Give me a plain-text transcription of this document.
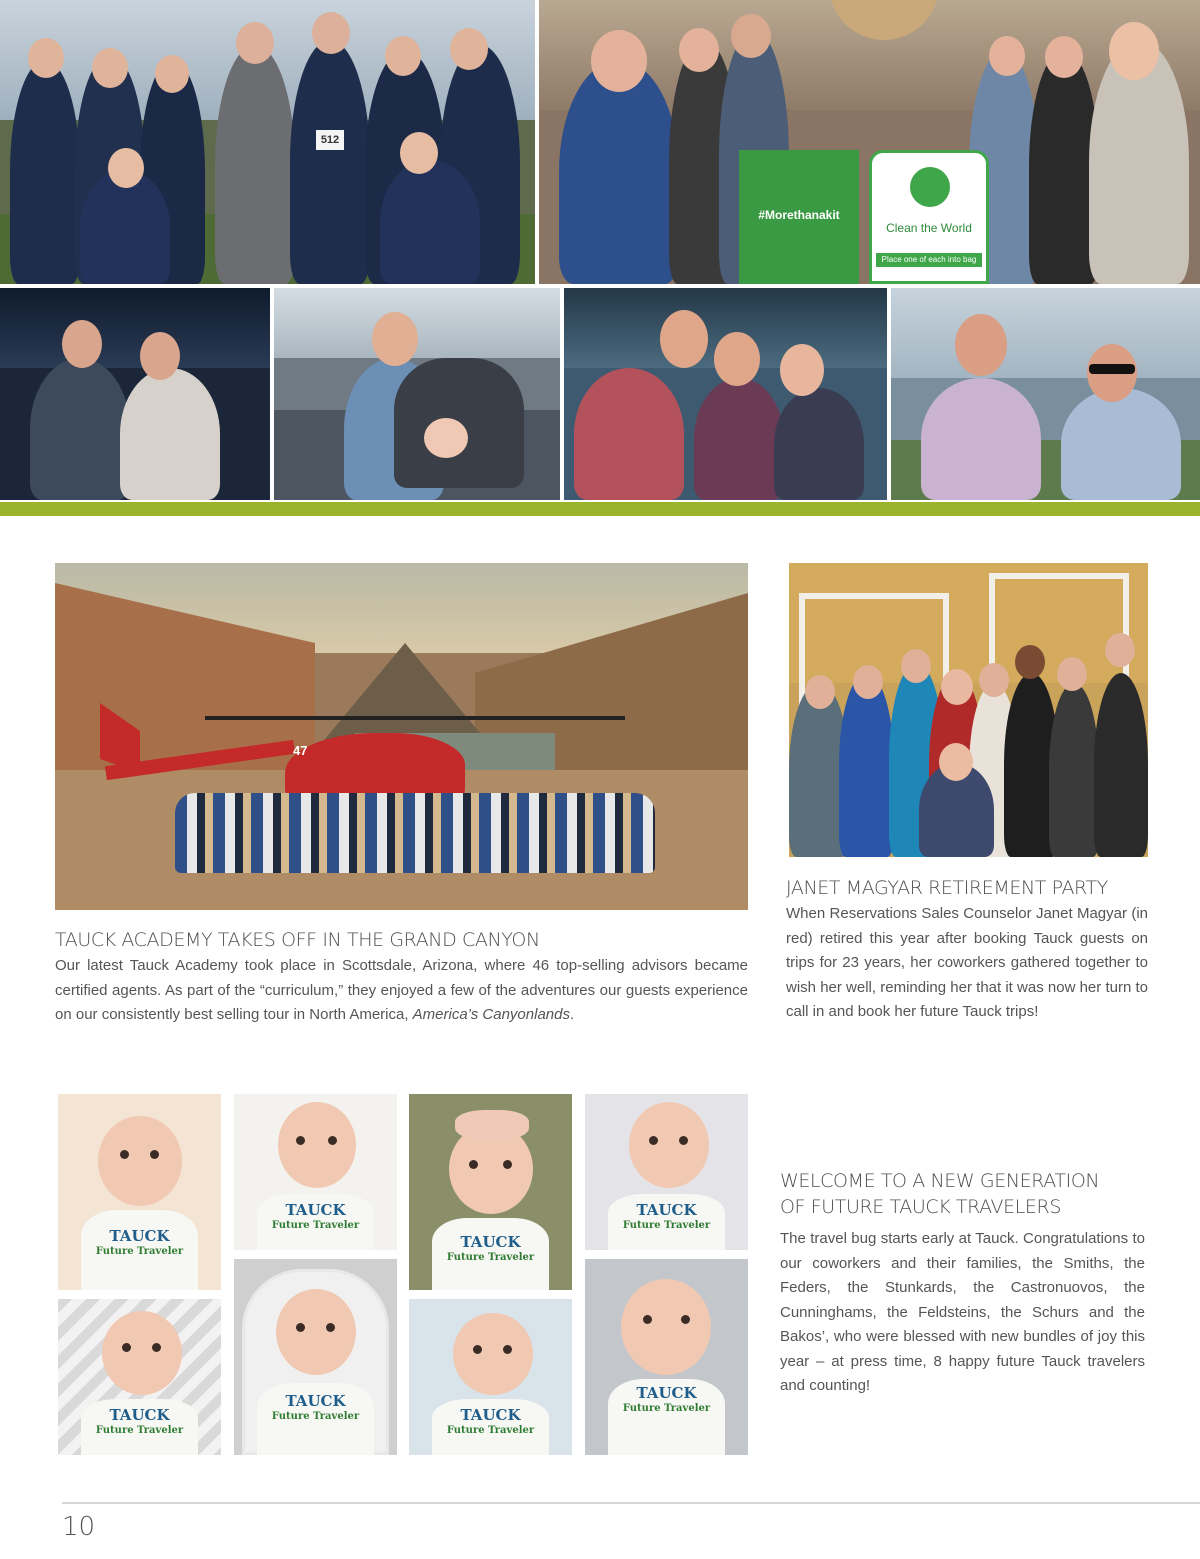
512
#Morethanakit
Clean the World
Place one of each into bag
47
TAUCK ACADEMY TAKES OFF IN THE GRAND CANYON
Our latest Tauck Academy took place in Scottsdale, Arizona, where 46 top-selling advisors became certified agents. As part of the “curriculum,” they enjoyed a few of the adventures our guests experience on our consistently best selling tour in North America, America’s Canyonlands.
JANET MAGYAR RETIREMENT PARTY
When Reservations Sales Counselor Janet Magyar (in red) retired this year after booking Tauck guests on trips for 23 years, her coworkers gathered together to wish her well, reminding her that it was now her turn to call in and book her future Tauck trips!
TAUCK
Future Traveler
TAUCK
Future Traveler
TAUCK
Future Traveler
TAUCK
Future Traveler
TAUCK
Future Traveler
TAUCK
Future Traveler
TAUCK
Future Traveler
TAUCK
Future Traveler
WELCOME TO A NEW GENERATION
OF FUTURE TAUCK TRAVELERS
The travel bug starts early at Tauck. Congratulations to our coworkers and their families, the Smiths, the Feders, the Stunkards, the Castronuovos, the Cunninghams, the Feldsteins, the Schurs and the Bakos’, who were blessed with new bundles of joy this year – at press time, 8 happy future Tauck travelers and counting!
10
